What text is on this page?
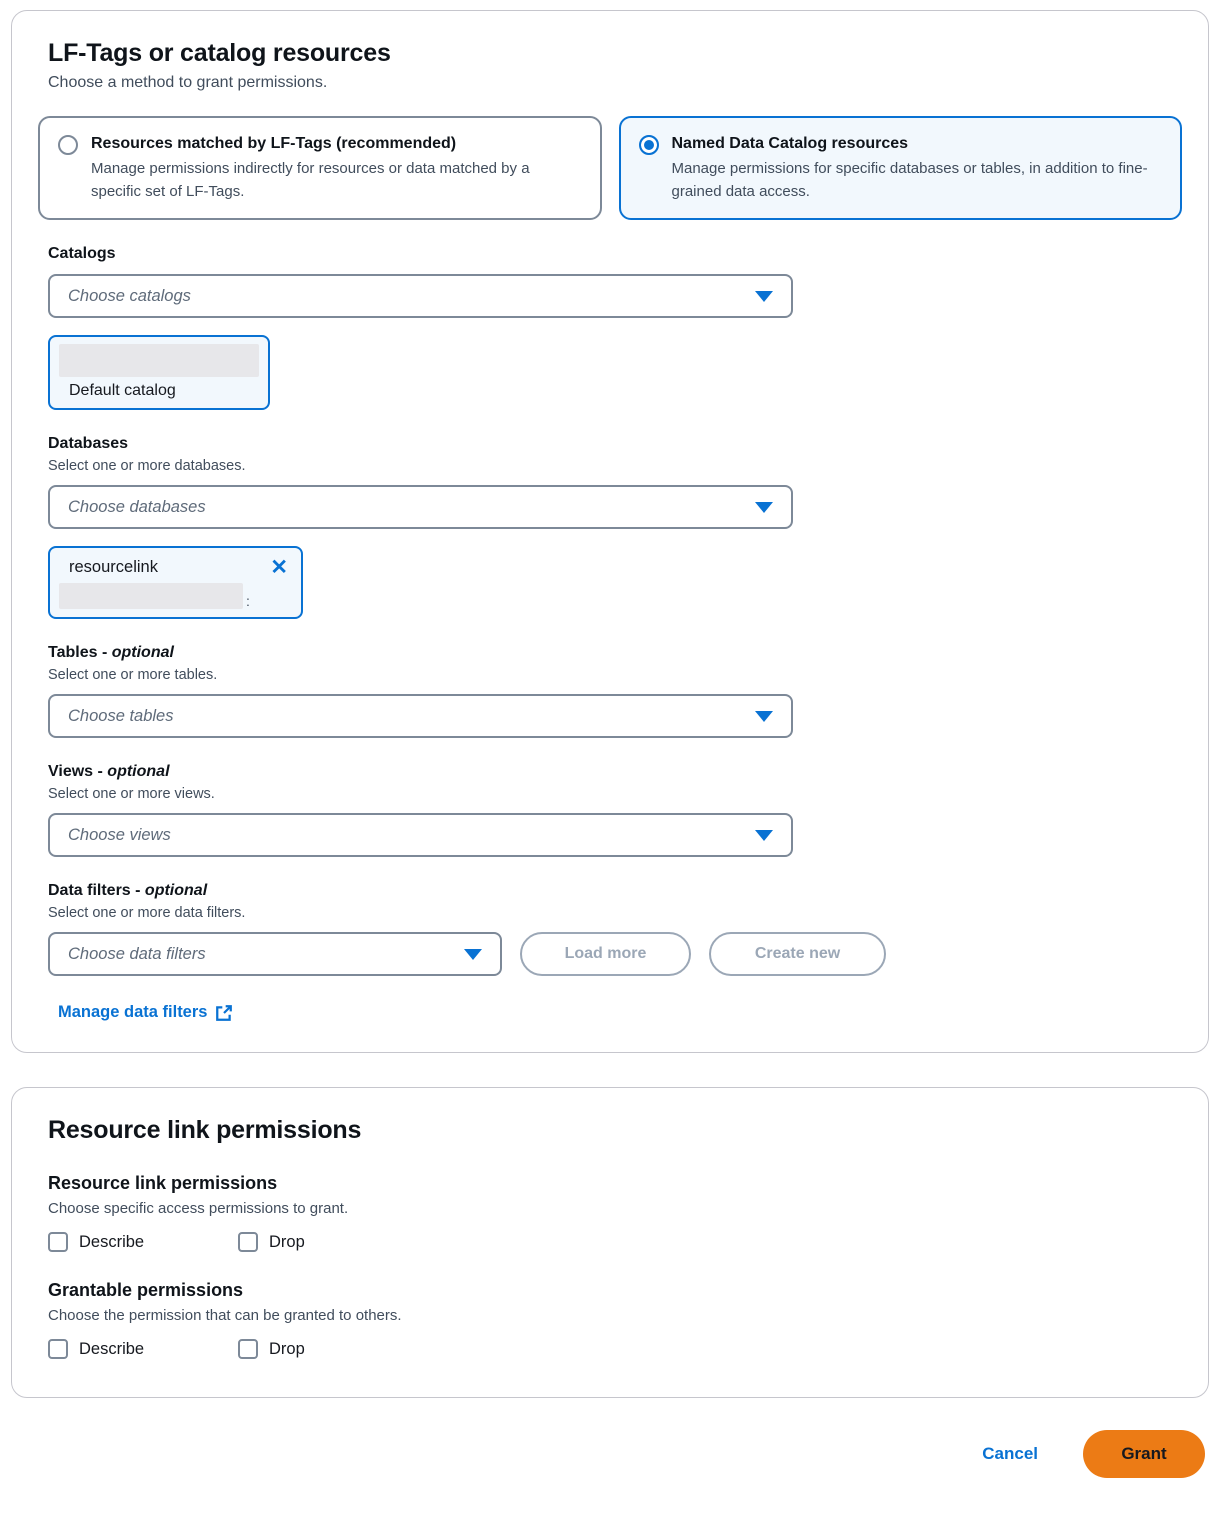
LF-Tags or catalog resources

Choose a method to grant permissions.

Resources matched by LF-Tags (recommended)
Manage permissions indirectly for resources or data matched by a specific set of LF-Tags.
Named Data Catalog resources
Manage permissions for specific databases or tables, in addition to fine-grained data access.
Catalogs
Choose catalogs
Default catalog
Databases
Select one or more databases.
Choose databases
resourcelink	✕
:
Tables - optional
Select one or more tables.
Choose tables
Views - optional
Select one or more views.
Choose views
Data filters - optional
Select one or more data filters.
Choose data filters	Load more	Create new
Manage data filters
Resource link permissions
Resource link permissions
Choose specific access permissions to grant.
Describe	Drop
Grantable permissions
Choose the permission that can be granted to others.
Describe	Drop
Cancel	Grant
